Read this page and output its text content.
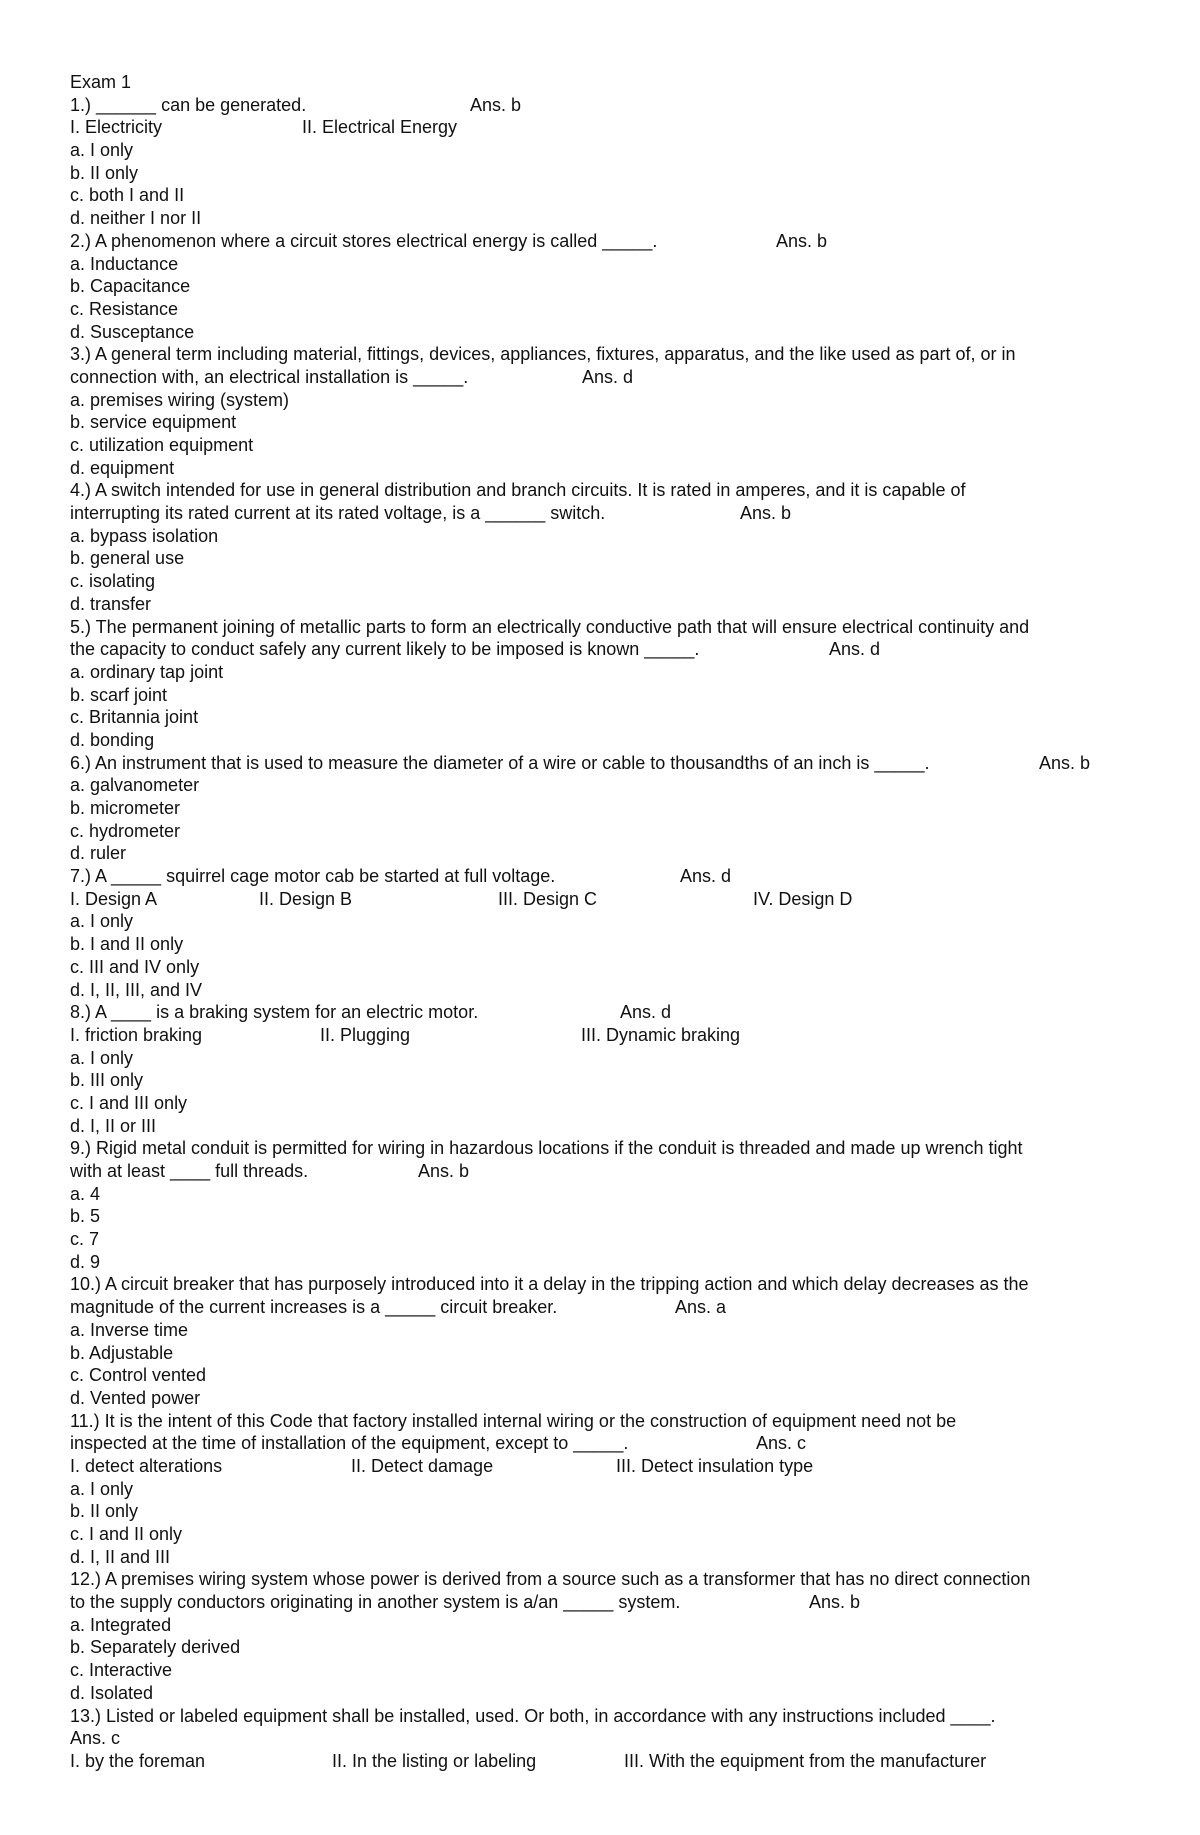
Exam 1
1.) ______ can be generated.	Ans. b
I. Electricity	II. Electrical Energy
a. I only
b. II only
c. both I and II
d. neither I nor II
2.) A phenomenon where a circuit stores electrical energy is called _____.	Ans. b
a. Inductance
b. Capacitance
c. Resistance
d. Susceptance
3.) A general term including material, fittings, devices, appliances, fixtures, apparatus, and the like used as part of, or in
connection with, an electrical installation is _____.	Ans. d
a. premises wiring (system)
b. service equipment
c. utilization equipment
d. equipment
4.) A switch intended for use in general distribution and branch circuits. It is rated in amperes, and it is capable of
interrupting its rated current at its rated voltage, is a ______ switch.	Ans. b
a. bypass isolation
b. general use
c. isolating
d. transfer
5.) The permanent joining of metallic parts to form an electrically conductive path that will ensure electrical continuity and
the capacity to conduct safely any current likely to be imposed is known _____.	Ans. d
a. ordinary tap joint
b. scarf joint
c. Britannia joint
d. bonding
6.) An instrument that is used to measure the diameter of a wire or cable to thousandths of an inch is _____.	Ans. b
a. galvanometer
b. micrometer
c. hydrometer
d. ruler
7.) A _____ squirrel cage motor cab be started at full voltage.	Ans. d
I. Design A	II. Design B	III. Design C	IV. Design D
a. I only
b. I and II only
c. III and IV only
d. I, II, III, and IV
8.) A ____ is a braking system for an electric motor.	Ans. d
I. friction braking	II. Plugging	III. Dynamic braking
a. I only
b. III only
c. I and III only
d. I, II or III
9.) Rigid metal conduit is permitted for wiring in hazardous locations if the conduit is threaded and made up wrench tight
with at least ____ full threads.	Ans. b
a. 4
b. 5
c. 7
d. 9
10.) A circuit breaker that has purposely introduced into it a delay in the tripping action and which delay decreases as the
magnitude of the current increases is a _____ circuit breaker.	Ans. a
a. Inverse time
b. Adjustable
c. Control vented
d. Vented power
11.) It is the intent of this Code that factory installed internal wiring or the construction of equipment need not be
inspected at the time of installation of the equipment, except to _____.	Ans. c
I. detect alterations	II. Detect damage	III. Detect insulation type
a. I only
b. II only
c. I and II only
d. I, II and III
12.) A premises wiring system whose power is derived from a source such as a transformer that has no direct connection
to the supply conductors originating in another system is a/an _____ system.	Ans. b
a. Integrated
b. Separately derived
c. Interactive
d. Isolated
13.) Listed or labeled equipment shall be installed, used. Or both, in accordance with any instructions included ____.
Ans. c
I. by the foreman	II. In the listing or labeling	III. With the equipment from the manufacturer
